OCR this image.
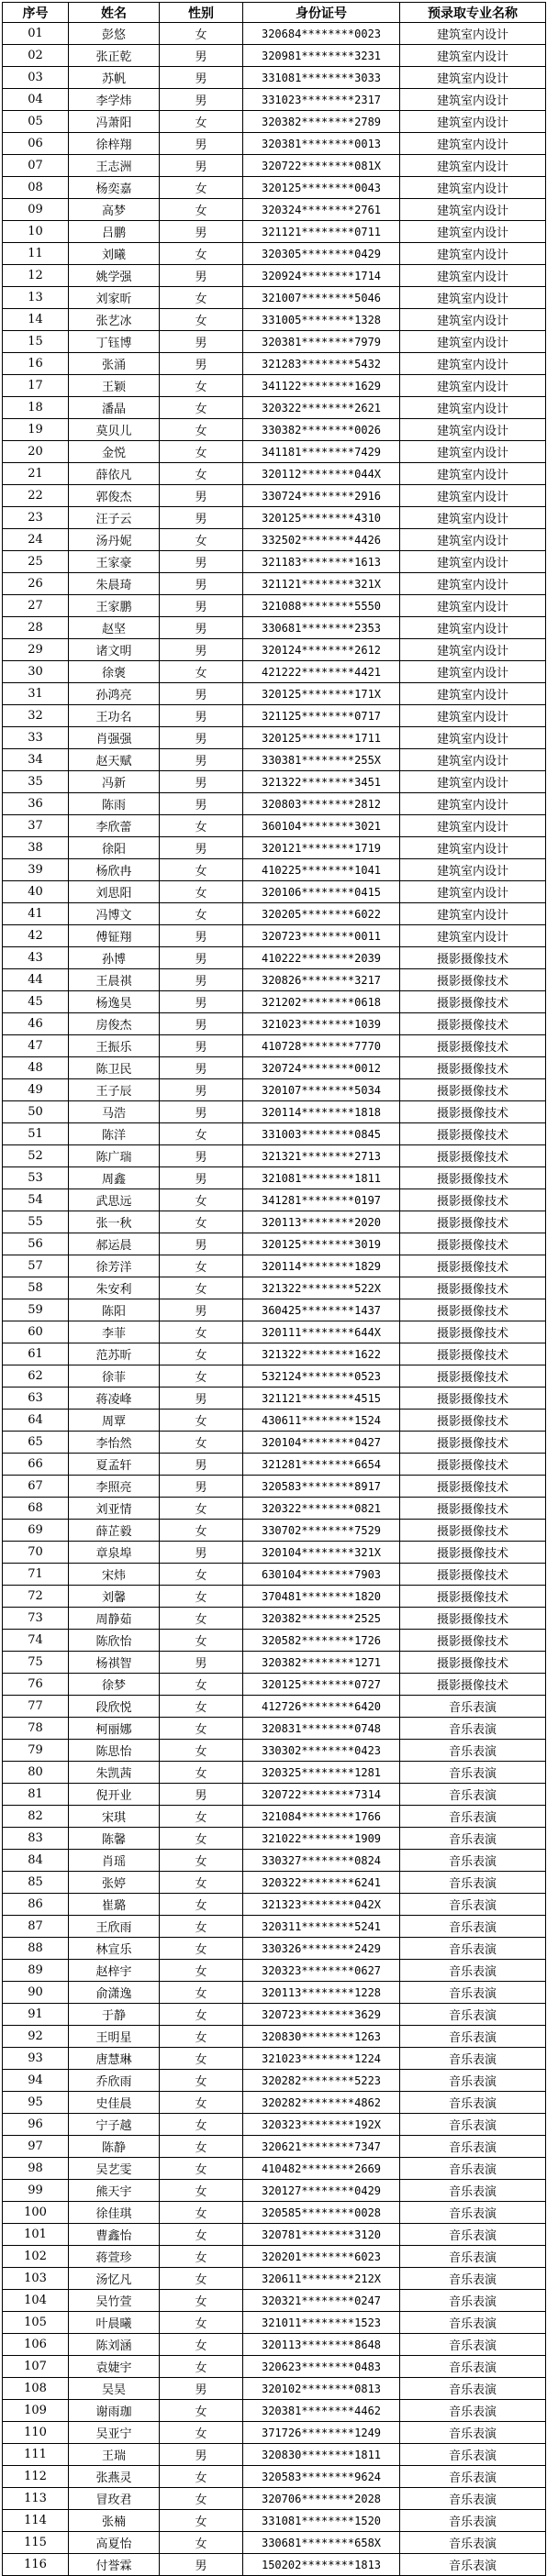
序号	姓名	性别	身份证号	预录取专业名称
01	彭悠	女	320684********0023	建筑室内设计
02	张正乾	男	320981********3231	建筑室内设计
03	苏帆	男	331081********3033	建筑室内设计
04	李学炜	男	331023********2317	建筑室内设计
05	冯萧阳	女	320382********2789	建筑室内设计
06	徐梓翔	男	320381********0013	建筑室内设计
07	王志洲	男	320722********081X	建筑室内设计
08	杨奕嘉	女	320125********0043	建筑室内设计
09	高梦	女	320324********2761	建筑室内设计
10	吕鹏	男	321121********0711	建筑室内设计
11	刘曦	女	320305********0429	建筑室内设计
12	姚学强	男	320924********1714	建筑室内设计
13	刘家昕	女	321007********5046	建筑室内设计
14	张艺冰	女	331005********1328	建筑室内设计
15	丁钰博	男	320381********7979	建筑室内设计
16	张涌	男	321283********5432	建筑室内设计
17	王颖	女	341122********1629	建筑室内设计
18	潘晶	女	320322********2621	建筑室内设计
19	莫贝儿	女	330382********0026	建筑室内设计
20	金悦	女	341181********7429	建筑室内设计
21	薛依凡	女	320112********044X	建筑室内设计
22	郭俊杰	男	330724********2916	建筑室内设计
23	汪子云	男	320125********4310	建筑室内设计
24	汤丹妮	女	332502********4426	建筑室内设计
25	王家豪	男	321183********1613	建筑室内设计
26	朱晨琦	男	321121********321X	建筑室内设计
27	王家鹏	男	321088********5550	建筑室内设计
28	赵坚	男	330681********2353	建筑室内设计
29	诸文明	男	320124********2612	建筑室内设计
30	徐褒	女	421222********4421	建筑室内设计
31	孙鸿亮	男	320125********171X	建筑室内设计
32	王功名	男	321125********0717	建筑室内设计
33	肖强强	男	320125********1711	建筑室内设计
34	赵天赋	男	330381********255X	建筑室内设计
35	冯新	男	321322********3451	建筑室内设计
36	陈雨	男	320803********2812	建筑室内设计
37	李欣蕾	女	360104********3021	建筑室内设计
38	徐阳	男	320121********1719	建筑室内设计
39	杨欣冉	女	410225********1041	建筑室内设计
40	刘思阳	女	320106********0415	建筑室内设计
41	冯博文	女	320205********6022	建筑室内设计
42	傅钲翔	男	320723********0011	建筑室内设计
43	孙博	男	410222********2039	摄影摄像技术
44	王晨祺	男	320826********3217	摄影摄像技术
45	杨逸昊	男	321202********0618	摄影摄像技术
46	房俊杰	男	321023********1039	摄影摄像技术
47	王振乐	男	410728********7770	摄影摄像技术
48	陈卫民	男	320724********0012	摄影摄像技术
49	王子辰	男	320107********5034	摄影摄像技术
50	马浩	男	320114********1818	摄影摄像技术
51	陈洋	女	331003********0845	摄影摄像技术
52	陈广瑞	男	321321********2713	摄影摄像技术
53	周鑫	男	321081********1811	摄影摄像技术
54	武思远	女	341281********0197	摄影摄像技术
55	张一秋	女	320113********2020	摄影摄像技术
56	郝运晨	男	320125********3019	摄影摄像技术
57	徐芳洋	女	320114********1829	摄影摄像技术
58	朱安利	女	321322********522X	摄影摄像技术
59	陈阳	男	360425********1437	摄影摄像技术
60	李菲	女	320111********644X	摄影摄像技术
61	范苏昕	女	321322********1622	摄影摄像技术
62	徐菲	女	532124********0523	摄影摄像技术
63	蒋凌峰	男	321121********4515	摄影摄像技术
64	周覃	女	430611********1524	摄影摄像技术
65	李怡然	女	320104********0427	摄影摄像技术
66	夏孟轩	男	321281********6654	摄影摄像技术
67	李照亮	男	320583********8917	摄影摄像技术
68	刘亚情	女	320322********0821	摄影摄像技术
69	薛芷毅	女	330702********7529	摄影摄像技术
70	章泉埠	男	320104********321X	摄影摄像技术
71	宋炜	女	630104********7903	摄影摄像技术
72	刘馨	女	370481********1820	摄影摄像技术
73	周静茹	女	320382********2525	摄影摄像技术
74	陈欣怡	女	320582********1726	摄影摄像技术
75	杨祺智	男	320382********1271	摄影摄像技术
76	徐梦	女	320125********0727	摄影摄像技术
77	段欣悦	女	412726********6420	音乐表演
78	柯丽娜	女	320831********0748	音乐表演
79	陈思怡	女	330302********0423	音乐表演
80	朱凯茜	女	320325********1281	音乐表演
81	倪开业	男	320722********7314	音乐表演
82	宋琪	女	321084********1766	音乐表演
83	陈馨	女	321022********1909	音乐表演
84	肖瑶	女	330327********0824	音乐表演
85	张婷	女	320322********6241	音乐表演
86	崔璐	女	321323********042X	音乐表演
87	王欣雨	女	320311********5241	音乐表演
88	林宣乐	女	330326********2429	音乐表演
89	赵梓宇	女	320323********0627	音乐表演
90	俞潇逸	女	320113********1228	音乐表演
91	于静	女	320723********3629	音乐表演
92	王明星	女	320830********1263	音乐表演
93	唐慧琳	女	321023********1224	音乐表演
94	乔欣雨	女	320282********5223	音乐表演
95	史佳晨	女	320282********4862	音乐表演
96	宁子越	女	320323********192X	音乐表演
97	陈静	女	320621********7347	音乐表演
98	吴艺雯	女	410482********2669	音乐表演
99	熊天宇	女	320127********0429	音乐表演
100	徐佳琪	女	320585********0028	音乐表演
101	曹鑫怡	女	320781********3120	音乐表演
102	蒋萱珍	女	320201********6023	音乐表演
103	汤忆凡	女	320611********212X	音乐表演
104	吴竹萱	女	320321********0247	音乐表演
105	叶晨曦	女	321011********1523	音乐表演
106	陈刘涵	女	320113********8648	音乐表演
107	袁婕宇	女	320623********0483	音乐表演
108	吴昊	男	320102********0813	音乐表演
109	谢雨珈	女	320381********4462	音乐表演
110	吴亚宁	女	371726********1249	音乐表演
111	王瑞	男	320830********1811	音乐表演
112	张燕灵	女	320583********9624	音乐表演
113	冒玫君	女	320706********2028	音乐表演
114	张楠	女	331081********1520	音乐表演
115	高夏怡	女	330681********658X	音乐表演
116	付誉霖	男	150202********1813	音乐表演
